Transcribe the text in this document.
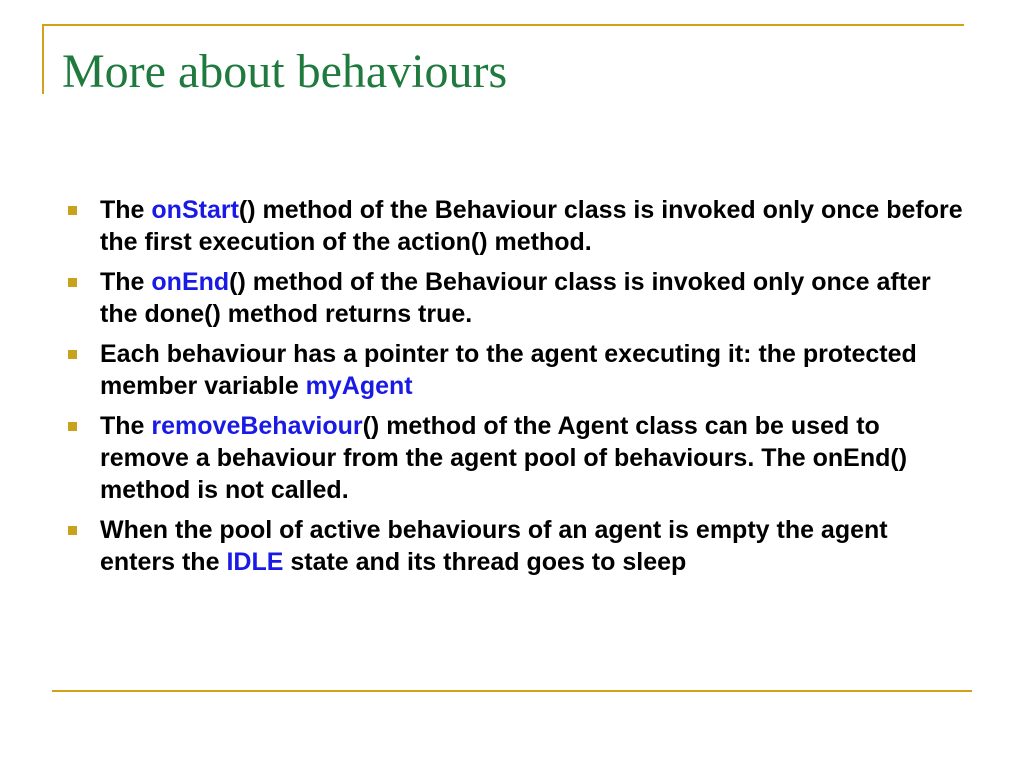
More about behaviours
The onStart() method of the Behaviour class is invoked only once before the first execution of the action() method.
The onEnd() method of the Behaviour class is invoked only once after the done() method returns true.
Each behaviour has a pointer to the agent executing it: the protected member variable myAgent
The removeBehaviour() method of the Agent class can be used to remove a behaviour from the agent pool of behaviours. The onEnd() method is not called.
When the pool of active behaviours of an agent is empty the agent enters the IDLE state and its thread goes to sleep
